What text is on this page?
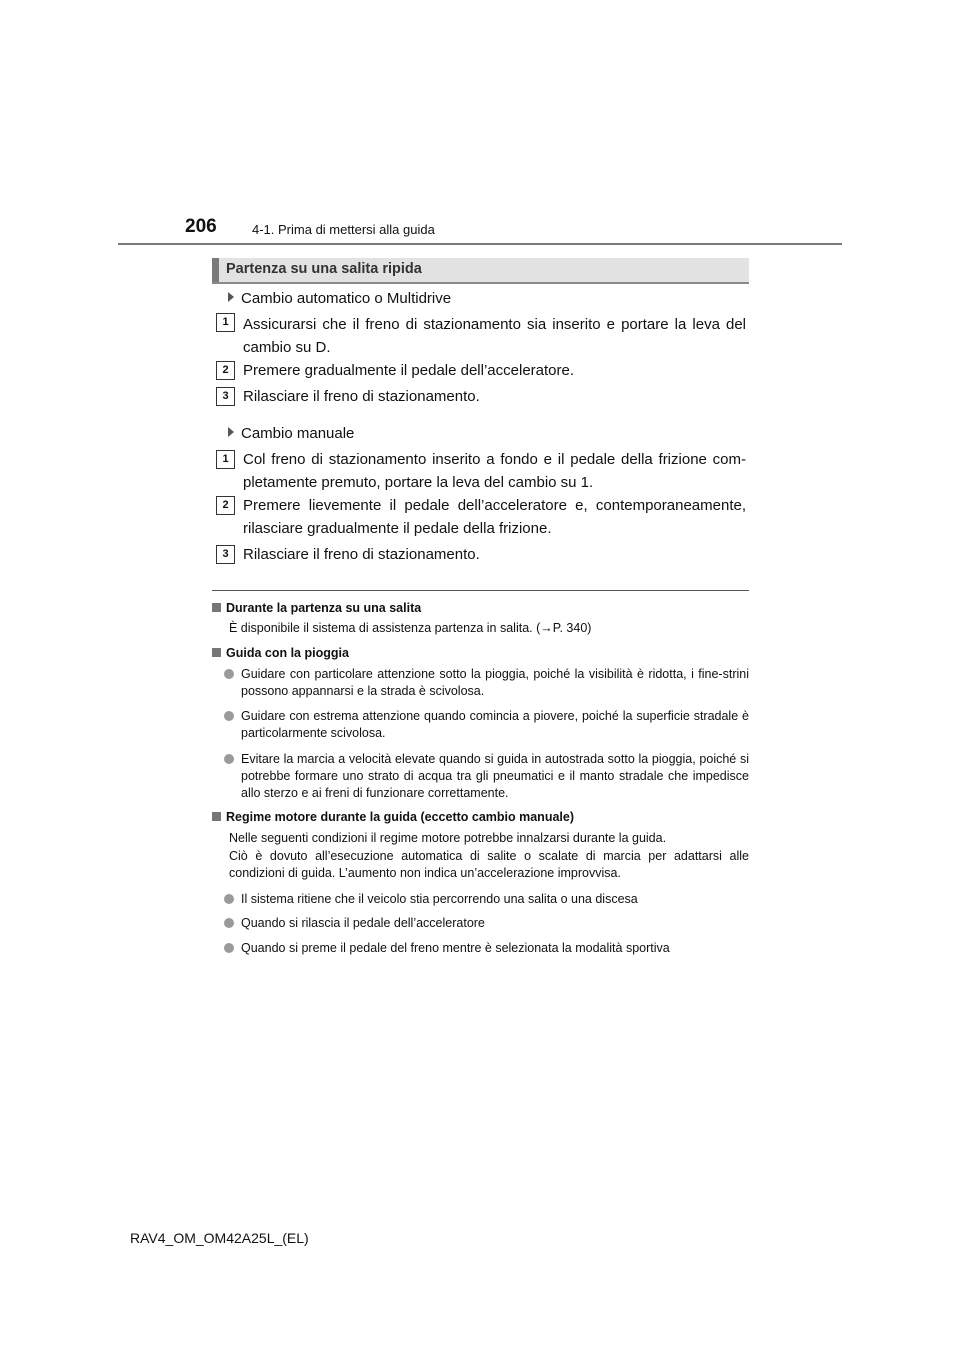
206	4-1. Prima di mettersi alla guida
Partenza su una salita ripida
Cambio automatico o Multidrive
1 Assicurarsi che il freno di stazionamento sia inserito e portare la leva del cambio su D.
2 Premere gradualmente il pedale dell’acceleratore.
3 Rilasciare il freno di stazionamento.
Cambio manuale
1 Col freno di stazionamento inserito a fondo e il pedale della frizione com-pletamente premuto, portare la leva del cambio su 1.
2 Premere lievemente il pedale dell’acceleratore e, contemporaneamente, rilasciare gradualmente il pedale della frizione.
3 Rilasciare il freno di stazionamento.
Durante la partenza su una salita
È disponibile il sistema di assistenza partenza in salita. (→P. 340)
Guida con la pioggia
Guidare con particolare attenzione sotto la pioggia, poiché la visibilità è ridotta, i fine-strini possono appannarsi e la strada è scivolosa.
Guidare con estrema attenzione quando comincia a piovere, poiché la superficie stradale è particolarmente scivolosa.
Evitare la marcia a velocità elevate quando si guida in autostrada sotto la pioggia, poiché si potrebbe formare uno strato di acqua tra gli pneumatici e il manto stradale che impedisce allo sterzo e ai freni di funzionare correttamente.
Regime motore durante la guida (eccetto cambio manuale)
Nelle seguenti condizioni il regime motore potrebbe innalzarsi durante la guida.
Ciò è dovuto all’esecuzione automatica di salite o scalate di marcia per adattarsi alle condizioni di guida. L’aumento non indica un’accelerazione improvvisa.
Il sistema ritiene che il veicolo stia percorrendo una salita o una discesa
Quando si rilascia il pedale dell’acceleratore
Quando si preme il pedale del freno mentre è selezionata la modalità sportiva
RAV4_OM_OM42A25L_(EL)
